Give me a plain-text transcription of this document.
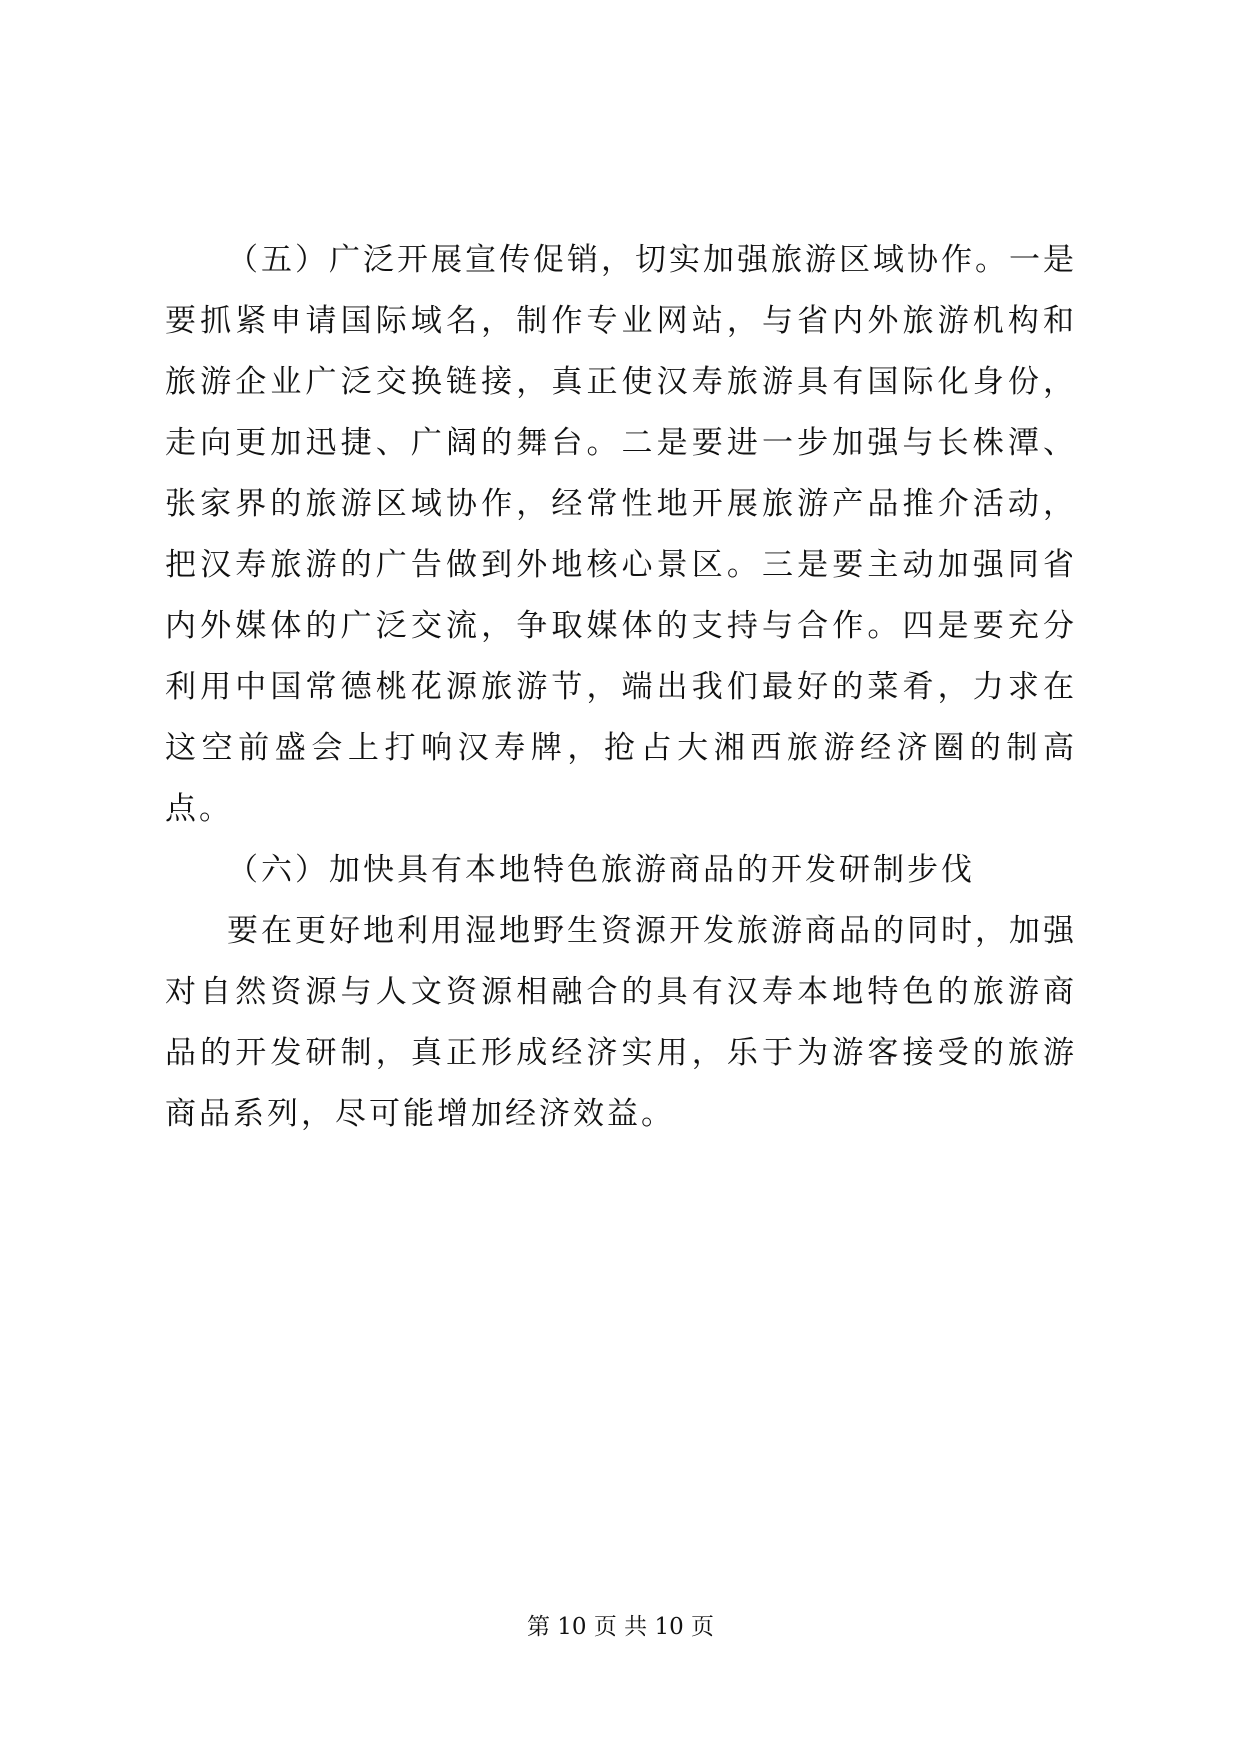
（五）广泛开展宣传促销，切实加强旅游区域协作。一是要抓紧申请国际域名，制作专业网站，与省内外旅游机构和旅游企业广泛交换链接，真正使汉寿旅游具有国际化身份，走向更加迅捷、广阔的舞台。二是要进一步加强与长株潭、张家界的旅游区域协作，经常性地开展旅游产品推介活动，把汉寿旅游的广告做到外地核心景区。三是要主动加强同省内外媒体的广泛交流，争取媒体的支持与合作。四是要充分利用中国常德桃花源旅游节，端出我们最好的菜肴，力求在这空前盛会上打响汉寿牌，抢占大湘西旅游经济圈的制高点。

（六）加快具有本地特色旅游商品的开发研制步伐

要在更好地利用湿地野生资源开发旅游商品的同时，加强对自然资源与人文资源相融合的具有汉寿本地特色的旅游商品的开发研制，真正形成经济实用，乐于为游客接受的旅游商品系列，尽可能增加经济效益。

第 10 页 共 10 页
